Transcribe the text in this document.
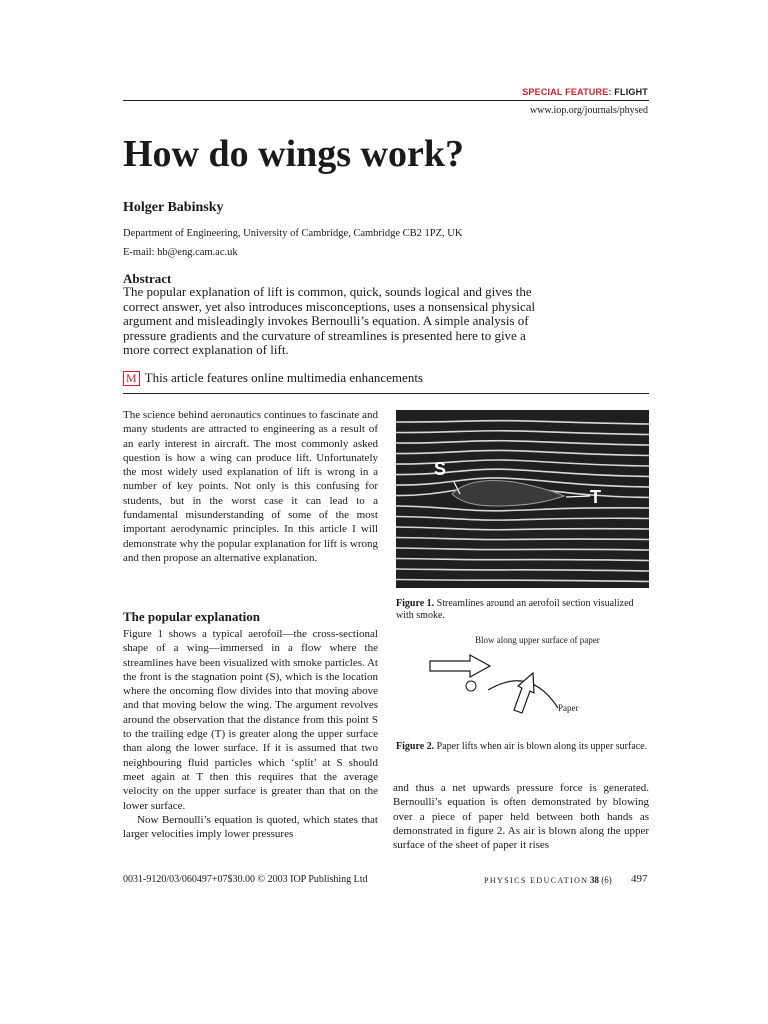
SPECIAL FEATURE: FLIGHT
www.iop.org/journals/physed
How do wings work?
Holger Babinsky
Department of Engineering, University of Cambridge, Cambridge CB2 1PZ, UK
E-mail: hb@eng.cam.ac.uk
Abstract
The popular explanation of lift is common, quick, sounds logical and gives the correct answer, yet also introduces misconceptions, uses a nonsensical physical argument and misleadingly invokes Bernoulli’s equation. A simple analysis of pressure gradients and the curvature of streamlines is presented here to give a more correct explanation of lift.
M This article features online multimedia enhancements

The science behind aeronautics continues to fascinate and many students are attracted to engineering as a result of an early interest in aircraft. The most commonly asked question is how a wing can produce lift. Unfortunately the most widely used explanation of lift is wrong in a number of key points. Not only is this confusing for students, but in the worst case it can lead to a fundamental misunderstanding of some of the most important aerodynamic principles. In this article I will demonstrate why the popular explanation for lift is wrong and then propose an alternative explanation.

The popular explanation

Figure 1 shows a typical aerofoil—the cross-sectional shape of a wing—immersed in a flow where the streamlines have been visualized with smoke particles. At the front is the stagnation point (S), which is the location where the oncoming flow divides into that moving above and that moving below the wing. The argument revolves around the observation that the distance from this point S to the trailing edge (T) is greater along the upper surface than along the lower surface. If it is assumed that two neighbouring fluid particles which ‘split’ at S should meet again at T then this requires that the average velocity on the upper surface is greater than that on the lower surface.

Now Bernoulli’s equation is quoted, which states that larger velocities imply lower pressures

S
T
Figure 1. Streamlines around an aerofoil section visualized with smoke.
Blow along upper surface of paper
Paper
Figure 2. Paper lifts when air is blown along its upper surface.

and thus a net upwards pressure force is generated. Bernoulli’s equation is often demonstrated by blowing over a piece of paper held between both hands as demonstrated in figure 2. As air is blown along the upper surface of the sheet of paper it rises

0031-9120/03/060497+07$30.00 © 2003 IOP Publishing Ltd	PHYSICS EDUCATION 38 (6) 497
